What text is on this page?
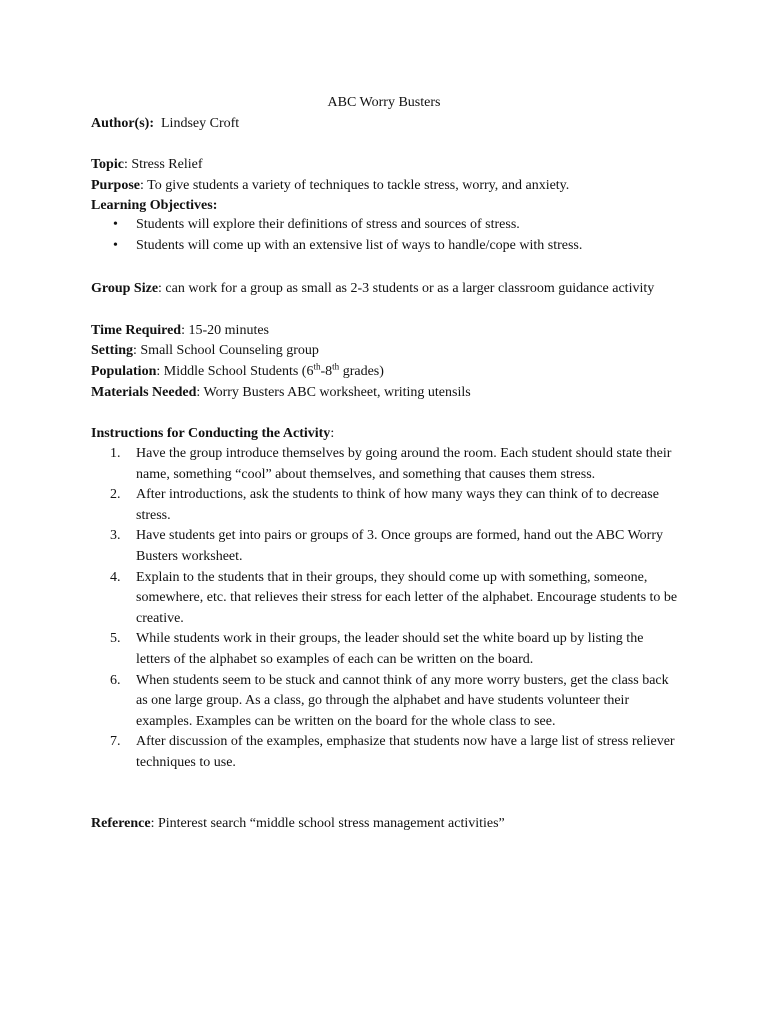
ABC Worry Busters
Author(s): Lindsey Croft
Topic: Stress Relief
Purpose: To give students a variety of techniques to tackle stress, worry, and anxiety.
Learning Objectives:
• Students will explore their definitions of stress and sources of stress.
• Students will come up with an extensive list of ways to handle/cope with stress.
Group Size: can work for a group as small as 2-3 students or as a larger classroom guidance activity
Time Required: 15-20 minutes
Setting: Small School Counseling group
Population: Middle School Students (6th-8th grades)
Materials Needed: Worry Busters ABC worksheet, writing utensils
Instructions for Conducting the Activity:
1. Have the group introduce themselves by going around the room. Each student should state their name, something “cool” about themselves, and something that causes them stress.
2. After introductions, ask the students to think of how many ways they can think of to decrease stress.
3. Have students get into pairs or groups of 3. Once groups are formed, hand out the ABC Worry Busters worksheet.
4. Explain to the students that in their groups, they should come up with something, someone, somewhere, etc. that relieves their stress for each letter of the alphabet. Encourage students to be creative.
5. While students work in their groups, the leader should set the white board up by listing the letters of the alphabet so examples of each can be written on the board.
6. When students seem to be stuck and cannot think of any more worry busters, get the class back as one large group. As a class, go through the alphabet and have students volunteer their examples. Examples can be written on the board for the whole class to see.
7. After discussion of the examples, emphasize that students now have a large list of stress reliever techniques to use.
Reference: Pinterest search “middle school stress management activities”
